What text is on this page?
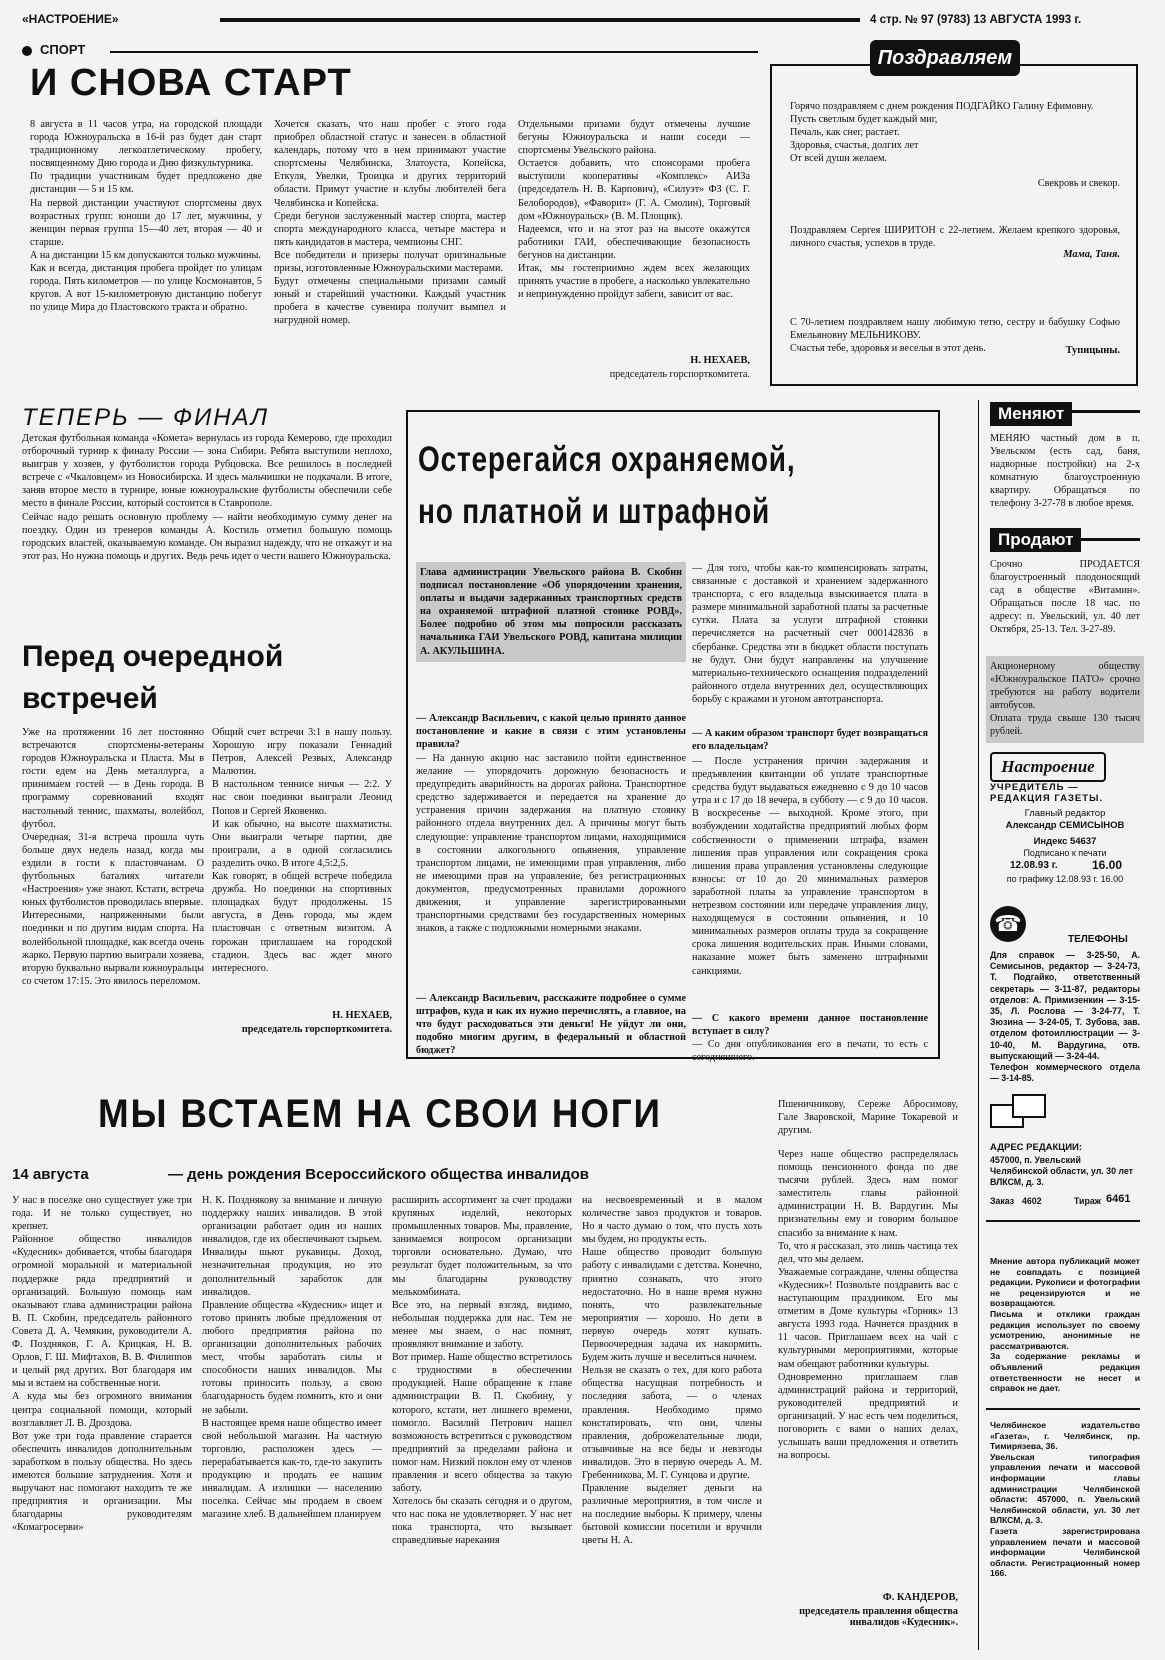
«НАСТРОЕНИЕ»	4 стр. № 97 (9783) 13 АВГУСТА 1993 г.
СПОРТ
И СНОВА СТАРТ
8 августа в 11 часов утра, на городской площади города Южноуральска в 16-й раз будет дан старт традиционному легкоатлетическому пробегу, посвященному Дню города и Дню физкультурника.
По традиции участникам будет предложено две дистанции — 5 и 15 км.
На первой дистанции участвуют спортсмены двух возрастных групп: юноши до 17 лет, мужчины, у женщин первая группа 15—40 лет, вторая — 40 и старше.
А на дистанции 15 км допускаются только мужчины.
Как и всегда, дистанция пробега пройдет по улицам города. Пять километров — по улице Космонавтов, 5 кругов. А вот 15-километровую дистанцию побегут по улице Мира до Пластовского тракта и обратно.
Хочется сказать, что наш пробег с этого года приобрел областной статус и занесен в областной календарь, потому что в нем принимают участие спортсмены Челябинска, Златоуста, Копейска, Еткуля, Увелки, Троицка и других территорий области. Примут участие и клубы любителей бега Челябинска и Копейска.
Среди бегунов заслуженный мастер спорта, мастер спорта международного класса, четыре мастера и пять кандидатов в мастера, чемпионы СНГ.
Все победители и призеры получат оригинальные призы, изготовленные Южноуральскими мастерами.
Будут отмечены специальными призами самый юный и старейший участники. Каждый участник пробега в качестве сувенира получит вымпел и нагрудной номер.
Отдельными призами будут отмечены лучшие бегуны Южноуральска и наши соседи — спортсмены Увельского района.
Остается добавить, что спонсорами пробега выступили кооперативы «Комплекс» АИЗа (председатель Н. В. Карпович), «Силуэт» ФЗ (С. Г. Белобородов), «Фаворит» (Г. А. Смолин), Торговый дом «Южноуральск» (В. М. Площик).
Надеемся, что и на этот раз на высоте окажутся работники ГАИ, обеспечивающие безопасность бегунов на дистанции.
Итак, мы гостеприимно ждем всех желающих принять участие в пробеге, а насколько увлекательно и непринужденно пройдут забеги, зависит от вас.
Н. НЕХАЕВ,
председатель горспорткомитета.
Поздравляем
Горячо поздравляем с днем рождения ПОДГАЙКО Галину Ефимовну.
Пусть светлым будет каждый миг,
Печаль, как снег, растает.
Здоровья, счастья, долгих лет
От всей души желаем.
Свекровь и свекор.
Поздравляем Сергея ШИРИТОН с 22-летием. Желаем крепкого здоровья, личного счастья, успехов в труде.
Мама, Таня.
С 70-летием поздравляем нашу любимую тетю, сестру и бабушку Софью Емельяновну МЕЛЬНИКОВУ.
Счастья тебе, здоровья и веселья в этот день.	Тупицыны.
ТЕПЕРЬ — ФИНАЛ
Детская футбольная команда «Комета» вернулась из города Кемерово, где проходил отборочный турнир к финалу России — зона Сибири. Ребята выступили неплохо, выиграв у хозяев, у футболистов города Рубцовска. Все решилось в последней встрече с «Чкаловцем» из Новосибирска. И здесь мальчишки не подкачали. В итоге, заняв второе место в турнире, юные южноуральские футболисты обеспечили себе место в финале России, который состоится в Ставрополе.
Сейчас надо решать основную проблему — найти необходимую сумму денег на поездку. Один из тренеров команды А. Костиль отметил большую помощь городских властей, оказываемую команде. Он выразил надежду, что не откажут и на этот раз. Но нужна помощь и других. Ведь речь идет о чести нашего Южноуральска.
Перед очередной
встречей
Уже на протяжении 16 лет постоянно встречаются спортсмены-ветераны городов Южноуральска и Пласта. Мы в гости едем на День металлурга, а принимаем гостей — в День города. В программу соревнований входят настольный теннис, шахматы, волейбол, футбол.
Очередная, 31-я встреча прошла чуть больше двух недель назад, когда мы ездили в гости к пластовчанам. О футбольных баталиях читатели «Настроения» уже знают. Кстати, встреча юных футболистов проводилась впервые.
Интересными, напряженными были поединки и по другим видам спорта. На волейбольной площадке, как всегда очень жарко. Первую партию выиграли хозяева, вторую буквально вырвали южноуральцы со счетом 17:15. Это явилось переломом.
Общий счет встречи 3:1 в нашу пользу. Хорошую игру показали Геннадий Петров, Алексей Резвых, Александр Малютин.
В настольном теннисе ничья — 2:2. У нас свои поединки выиграли Леонид Попов и Сергей Яковенко.
И как обычно, на высоте шахматисты. Они выиграли четыре партии, две проиграли, а в одной согласились разделить очко. В итоге 4,5:2,5.
Как говорят, в общей встрече победила дружба. Но поединки на спортивных площадках будут продолжены. 15 августа, в День города, мы ждем пластовчан с ответным визитом. А горожан приглашаем на городской стадион. Здесь вас ждет много интересного.
Н. НЕХАЕВ,
председатель горспорткомитета.
Остерегайся охраняемой,
но платной и штрафной
Глава администрации Увельского района В. Скобин подписал постановление «Об упорядочении хранения, оплаты и выдачи задержанных транспортных средств на охраняемой штрафной платной стоянке РОВД». Более подробно об этом мы попросили рассказать начальника ГАИ Увельского РОВД, капитана милиции А. АКУЛЬШИНА.
— Александр Васильевич, с какой целью принято данное постановление и какие в связи с этим установлены правила?
— На данную акцию нас заставило пойти единственное желание — упорядочить дорожную безопасность и предупредить аварийность на дорогах района. Транспортное средство задерживается и передается на хранение до устранения причин задержания на платную стоянку районного отдела внутренних дел. А причины могут быть следующие: управление транспортом лицами, находящимися в состоянии алкогольного опьянения, управление транспортом лицами, не имеющими прав управления, либо не имеющими прав на управление, без регистрационных документов, предусмотренных правилами дорожного движения, и управление зарегистрированными транспортными средствами без государственных номерных знаков, а также с подложными номерными знаками.
— Александр Васильевич, расскажите подробнее о сумме штрафов, куда и как их нужно перечислять, а главное, на что будут расходоваться эти деньги! Не уйдут ли они, подобно многим другим, в федеральный и областной бюджет?
— Для того, чтобы как-то компенсировать затраты, связанные с доставкой и хранением задержанного транспорта, с его владельца взыскивается плата в размере минимальной заработной платы за расчетные сутки. Плата за услуги штрафной стоянки перечисляется на расчетный счет 000142836 в сбербанке. Средства эти в бюджет области поступать не будут. Они будут направлены на улучшение материально-технического оснащения подразделений районного отдела внутренних дел, осуществляющих борьбу с кражами и угоном автотранспорта.
— А каким образом транспорт будет возвращаться его владельцам?
— После устранения причин задержания и предъявления квитанции об уплате транспортные средства будут выдаваться ежедневно с 9 до 10 часов утра и с 17 до 18 вечера, в субботу — с 9 до 10 часов. В воскресенье — выходной. Кроме этого, при возбуждении ходатайства предприятий любых форм собственности о применении штрафа, взамен лишения прав управления или сокращения срока лишения права управления установлены следующие взносы: от 10 до 20 минимальных размеров заработной платы за управление транспортом в нетрезвом состоянии или передаче управления лицу, находящемуся в состоянии опьянения, и 10 минимальных размеров оплаты труда за сокращение срока лишения водительских прав. Иными словами, наказание может быть заменено штрафными санкциями.
— С какого времени данное постановление вступает в силу?
— Со дня опубликования его в печати, то есть с сегодняшнего.
Меняют
МЕНЯЮ частный дом в п. Увельском (есть сад, баня, надворные постройки) на 2-х комнатную благоустроенную квартиру. Обращаться по телефону 3-27-78 в любое время.
Продают
Срочно ПРОДАЕТСЯ благоустроенный плодоносящий сад в обществе «Витамин». Обращаться после 18 час. по адресу: п. Увельский, ул. 40 лет Октября, 25-13. Тел. 3-27-89.
Акционерному обществу «Южноуральское ПАТО» срочно требуются на работу водители автобусов.
Оплата труда свыше 130 тысяч рублей.
Настроение
УЧРЕДИТЕЛЬ — РЕДАКЦИЯ ГАЗЕТЫ.
Главный редактор
Александр СЕМИСЫНОВ
Индекс 54637
Подписано к печати
12.08.93 г.	16.00
по графику 12.08.93 г. 16.00
☎
ТЕЛЕФОНЫ
Для справок — 3-25-50, А. Семисынов, редактор — 3-24-73, Т. Подгайко, ответственный секретарь — 3-11-87, редакторы отделов: А. Примизенкин — 3-15-35, Л. Рослова — 3-24-77, Т. Зюзина — 3-24-05, Т. Зубова, зав. отделом фотоиллюстрации — 3-10-40, М. Вардугина, отв. выпускающий — 3-24-44.
Телефон коммерческого отдела — 3-14-85.
АДРЕС РЕДАКЦИИ:
457000, п. Увельский Челябинской области, ул. 30 лет ВЛКСМ, д. 3.
Заказ 4602	Тираж 6461
Мнение автора публикаций может не совпадать с позицией редакции. Рукописи и фотографии не рецензируются и не возвращаются.
Письма и отклики граждан редакция использует по своему усмотрению, анонимные не рассматриваются.
За содержание рекламы и объявлений редакция ответственности не несет и справок не дает.
Челябинское издательство «Газета», г. Челябинск, пр. Тимирязева, 36.
Увельская типография управления печати и массовой информации главы администрации Челябинской области: 457000, п. Увельский Челябинской области, ул. 30 лет ВЛКСМ, д. 3.
Газета зарегистрирована управлением печати и массовой информации Челябинской области. Регистрационный номер 166.
МЫ ВСТАЕМ НА СВОИ НОГИ
14 августа	— день рождения Всероссийского общества инвалидов
Пшеничникову, Сереже Абросимову, Гале Зваровской, Марине Токаревой и другим.
У нас в поселке оно существует уже три года. И не только существует, но крепнет.
Районное общество инвалидов «Кудесник» добивается, чтобы благодаря огромной моральной и материальной поддержке ряда предприятий и организаций. Большую помощь нам оказывают глава администрации района В. П. Скобин, председатель районного Совета Д. А. Чемякин, руководители А. Ф. Поздняков, Г. А. Крицкая, Н. В. Орлов, Г. Ш. Мифтахов, В. В. Филиппов и целый ряд других. Вот благодаря им мы и встаем на собственные ноги.
А куда мы без огромного внимания центра социальной помощи, который возглавляет Л. В. Дроздова.
Вот уже три года правление старается обеспечить инвалидов дополнительным заработком в пользу общества. Но здесь имеются большие затруднения. Хотя и выручают нас помогают находить те же предприятия и организации. Мы благодарны руководителям «Комагросерви»
Н. К. Позднякову за внимание и личную поддержку наших инвалидов. В этой организации работает один из наших инвалидов, где их обеспечивают сырьем. Инвалиды шьют рукавицы. Доход, незначительная продукция, но это дополнительный заработок для инвалидов.
Правление общества «Кудесник» ищет и готово принять любые предложения от любого предприятия района по организации дополнительных рабочих мест, чтобы заработать силы и способности наших инвалидов. Мы готовы приносить пользу, а свою благодарность будем помнить, кто и они не забыли.
В настоящее время наше общество имеет свой небольшой магазин. На частную торговлю, расположен здесь — перерабатывается как-то, где-то закупить продукцию и продать ее нашим инвалидам. А излишки — населению поселка. Сейчас мы продаем в своем магазине хлеб. В дальнейшем планируем
расширить ассортимент за счет продажи крупяных изделий, некоторых промышленных товаров. Мы, правление, занимаемся вопросом организации торговли основательно. Думаю, что результат будет положительным, за что мы благодарны руководству мелькомбината.
Все это, на первый взгляд, видимо, небольшая поддержка для нас. Тем не менее мы знаем, о нас помнят, проявляют внимание и заботу.
Вот пример. Наше общество встретилось с трудностями в обеспечении продукцией. Наше обращение к главе администрации В. П. Скобину, у которого, кстати, нет лишнего времени, помогло. Василий Петрович нашел возможность встретиться с руководством предприятий за пределами района и помог нам. Низкий поклон ему от членов правления и всего общества за такую заботу.
Хотелось бы сказать сегодня и о другом, что нас пока не удовлетворяет. У нас нет пока транспорта, что вызывает справедливые нарекания
на несвоевременный и в малом количестве завоз продуктов и товаров. Но я часто думаю о том, что пусть хоть мы будем, но продукты есть.
Наше общество проводит большую работу с инвалидами с детства. Конечно, приятно сознавать, что этого недостаточно. Но в наше время нужно понять, что развлекательные мероприятия — хорошо. Но дети в первую очередь хотят кушать. Первоочередная задача их накормить. Будем жить лучше и веселиться начнем.
Нельзя не сказать о тех, для кого работа общества насущная потребность и последняя забота, — о членах правления. Необходимо прямо констатировать, что они, члены правления, доброжелательные люди, отзывчивые на все беды и невзгоды инвалидов. Это в первую очередь А. М. Гребенникова, М. Г. Сунцова и другие.
Правление выделяет деньги на различные мероприятия, в том числе и на последние выборы. К примеру, члены бытовой комиссии посетили и вручили цветы Н. А.
Через наше общество распределялась помощь пенсионного фонда по две тысячи рублей. Здесь нам помог заместитель главы районной администрации Н. В. Вардугин. Мы признательны ему и говорим большое спасибо за внимание к нам.
То, что я рассказал, это лишь частица тех дел, что мы делаем.
Уважаемые сограждане, члены общества «Кудесник»! Позвольте поздравить вас с наступающим праздником. Его мы отметим в Доме культуры «Горняк» 13 августа 1993 года. Начнется праздник в 11 часов. Приглашаем всех на чай с культурными мероприятиями, которые нам обещают работники культуры.
Одновременно приглашаем глав администраций района и территорий, руководителей предприятий и организаций. У нас есть чем поделиться, поговорить с вами о наших делах, услышать ваши предложения и ответить на вопросы.
Ф. КАНДЕРОВ,
председатель правления общества инвалидов «Кудесник».
